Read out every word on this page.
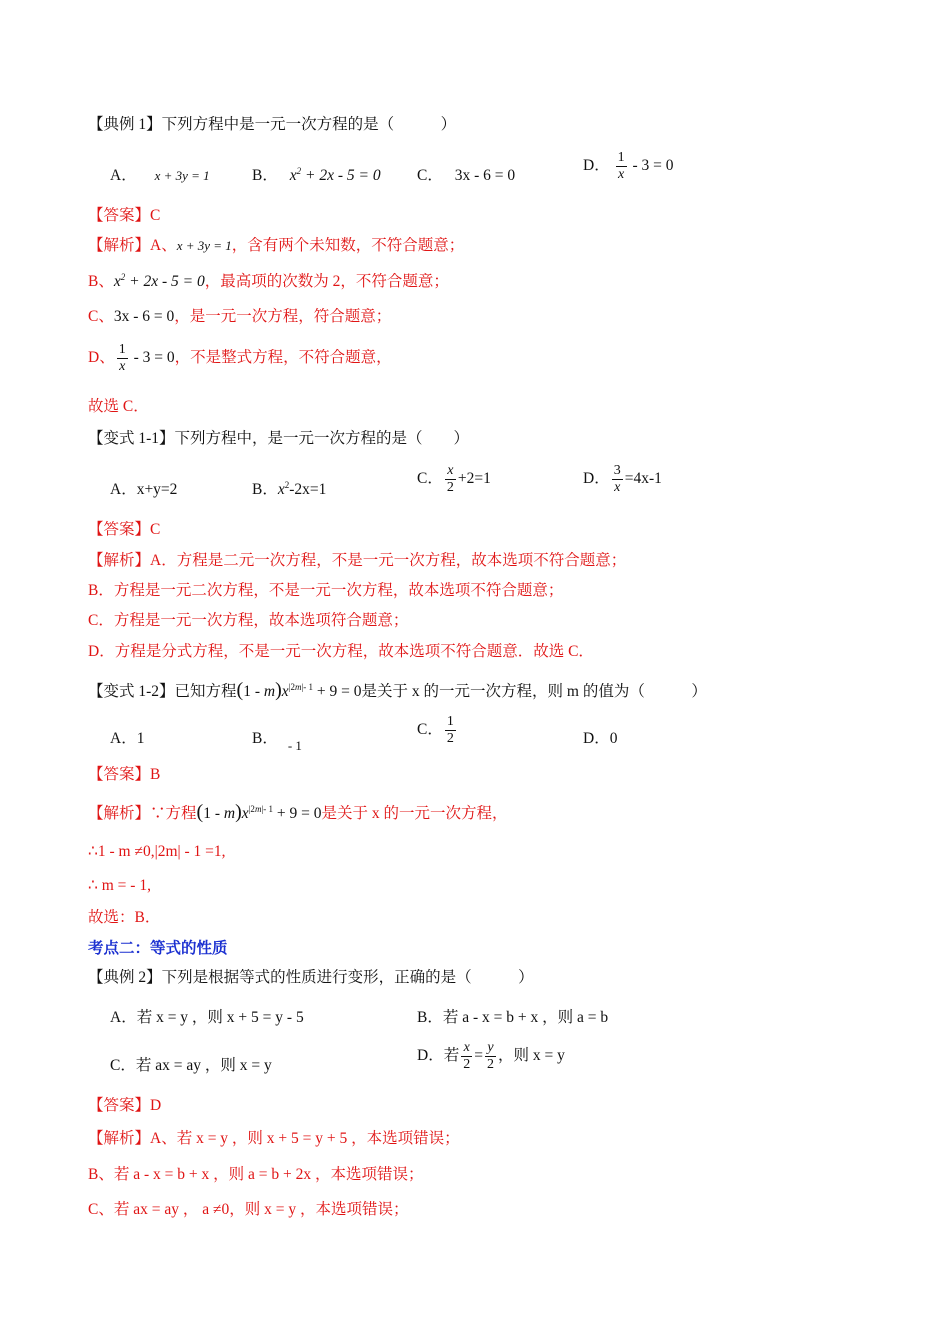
【典例 1】下列方程中是一元一次方程的是（　　　）
A． x + 3y = 1	B． $x^2 + 2x - 5 = 0$ C． 3x - 6 = 0
D． $\frac{1}{x} - 3 = 0$
【答案】C
【解析】A、x + 3y = 1，含有两个未知数，不符合题意；
B、$x^2 + 2x - 5 = 0$，最高项的次数为 2，不符合题意；
C、3x - 6 = 0，是一元一次方程，符合题意；
D、 $\frac{1}{x} - 3 = 0$，不是整式方程，不符合题意，
故选 C．
【变式 1-1】下列方程中，是一元一次方程的是（　　）
A．x+y=2	B．$x^2-2x=1$
C． $\frac{x}{2} +2=1$	D． $\frac{3}{x} =4x-1$
【答案】C
【解析】A．方程是二元一次方程，不是一元一次方程，故本选项不符合题意；
B．方程是一元二次方程，不是一元一次方程，故本选项不符合题意；
C．方程是一元一次方程，故本选项符合题意；
D．方程是分式方程，不是一元一次方程，故本选项不符合题意．故选 C．
【变式 1-2】已知方程$(1 - m)x^{|2m|- 1} + 9 = 0$是关于 x 的一元一次方程，则 m 的值为（　　　）
A．1	B． $_{- 1}$
C． $\frac{1}{2}$	D．0
【答案】B
【解析】∵方程$(1 - m)x^{|2m|- 1} + 9 = 0$是关于 x 的一元一次方程，
∴1 - m ≠0,|2m| - 1 =1,
∴ m = - 1,
故选：B．
考点二：等式的性质
【典例 2】下列是根据等式的性质进行变形，正确的是（　　　）
A．若 x = y ，则 x + 5 = y - 5	B．若 a - x = b + x ，则 a = b
C．若 ax = ay ，则 x = y
D．若 $\frac{x}{2} = \frac{y}{2}$ ，则 x = y
【答案】D
【解析】A、若 x = y ，则 x + 5 = y + 5 ，本选项错误；
B、若 a - x = b + x ，则 a = b + 2x ，本选项错误；
C、若 ax = ay ， a ≠0，则 x = y ，本选项错误；
